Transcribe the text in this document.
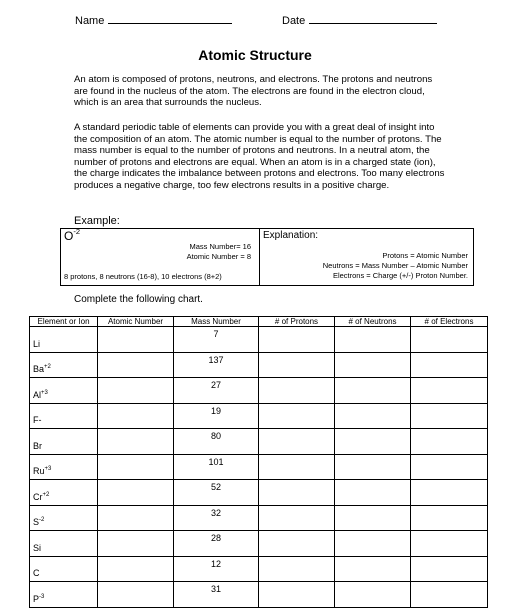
Name	Date
Atomic Structure
An atom is composed of protons, neutrons, and electrons. The protons and neutrons are found in the nucleus of the atom. The electrons are found in the electron cloud, which is an area that surrounds the nucleus.
A standard periodic table of elements can provide you with a great deal of insight into the composition of an atom. The atomic number is equal to the number of protons. The mass number is equal to the number of protons and neutrons. In a neutral atom, the number of protons and electrons are equal. When an atom is in a charged state (ion), the charge indicates the imbalance between protons and electrons. Too many electrons produces a negative charge, too few electrons results in a positive charge.
Example:
$O^{-2}$
Mass Number= 16
Atomic Number = 8
8 protons, 8 neutrons (16-8), 10 electrons (8+2)
Explanation:
Protons = Atomic Number
Neutrons = Mass Number – Atomic Number
Electrons = Charge (+/-) Proton Number.
Complete the following chart.
Element or Ion	Atomic Number	Mass Number	# of Protons	# of Neutrons	# of Electrons

Li		7			

$Ba^{+2}$		137			

$Al^{+3}$		27			

F-		19			

Br		80			

$Ru^{+3}$		101			

$Cr^{+2}$		52			

$S^{-2}$		32			

Si		28			

C		12			

$P^{-3}$		31			
